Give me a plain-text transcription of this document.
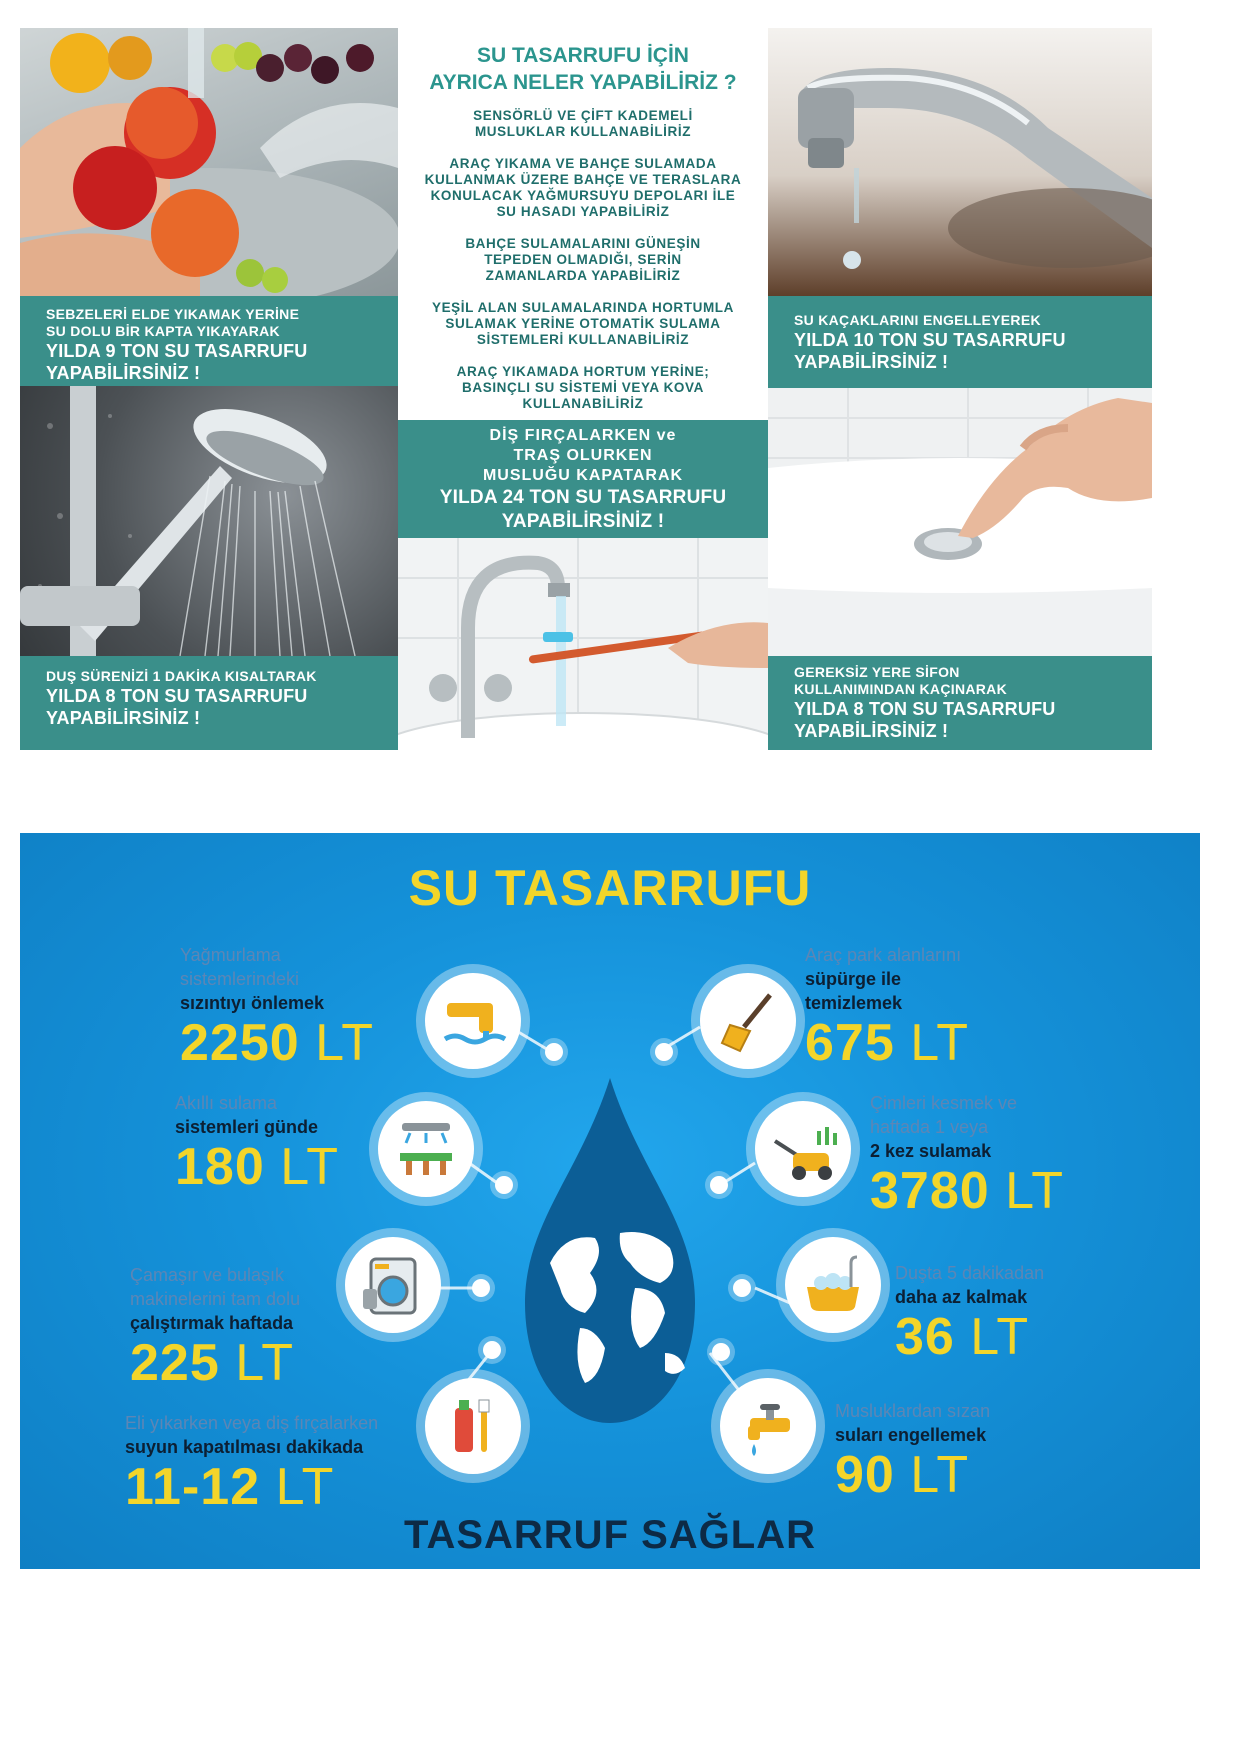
SEBZELERİ ELDE YIKAMAK YERİNE
SU DOLU BİR KAPTA YIKAYARAK
YILDA 9 TON SU TASARRUFU
YAPABİLİRSİNİZ !
DUŞ SÜRENİZİ 1 DAKİKA KISALTARAK
YILDA 8 TON SU TASARRUFU
YAPABİLİRSİNİZ !
SU TASARRUFU İÇİN
AYRICA NELER YAPABİLİRİZ ?
SENSÖRLÜ VE ÇİFT KADEMELİ
MUSLUKLAR KULLANABİLİRİZ
ARAÇ YIKAMA VE BAHÇE SULAMADA
KULLANMAK ÜZERE BAHÇE VE TERASLARA
KONULACAK YAĞMURSUYU DEPOLARI İLE
SU HASADI YAPABİLİRİZ
BAHÇE SULAMALARINI GÜNEŞİN
TEPEDEN OLMADIĞI, SERİN
ZAMANLARDA YAPABİLİRİZ
YEŞİL ALAN SULAMALARINDA HORTUMLA
SULAMAK YERİNE OTOMATİK SULAMA
SİSTEMLERİ KULLANABİLİRİZ
ARAÇ YIKAMADA HORTUM YERİNE;
BASINÇLI SU SİSTEMİ VEYA KOVA
KULLANABİLİRİZ
DİŞ FIRÇALARKEN ve
TRAŞ OLURKEN
MUSLUĞU KAPATARAK
YILDA 24 TON SU TASARRUFU
YAPABİLİRSİNİZ !
SU KAÇAKLARINI ENGELLEYEREK
YILDA 10 TON SU TASARRUFU
YAPABİLİRSİNİZ !
GEREKSİZ YERE SİFON
KULLANIMINDAN KAÇINARAK
YILDA 8 TON SU TASARRUFU
YAPABİLİRSİNİZ !
SU TASARRUFU
Yağmurlama
sistemlerindeki
sızıntıyı önlemek
2250 LT
Akıllı sulama
sistemleri günde
180 LT
Çamaşır ve bulaşık
makinelerini tam dolu
çalıştırmak haftada
225 LT
Eli yıkarken veya diş fırçalarken
suyun kapatılması dakikada
11-12 LT
Araç park alanlarını
süpürge ile
temizlemek
675 LT
Çimleri kesmek ve
haftada 1 veya
2 kez sulamak
3780 LT
Duşta 5 dakikadan
daha az kalmak
36 LT
Musluklardan sızan
suları engellemek
90 LT
TASARRUF SAĞLAR
